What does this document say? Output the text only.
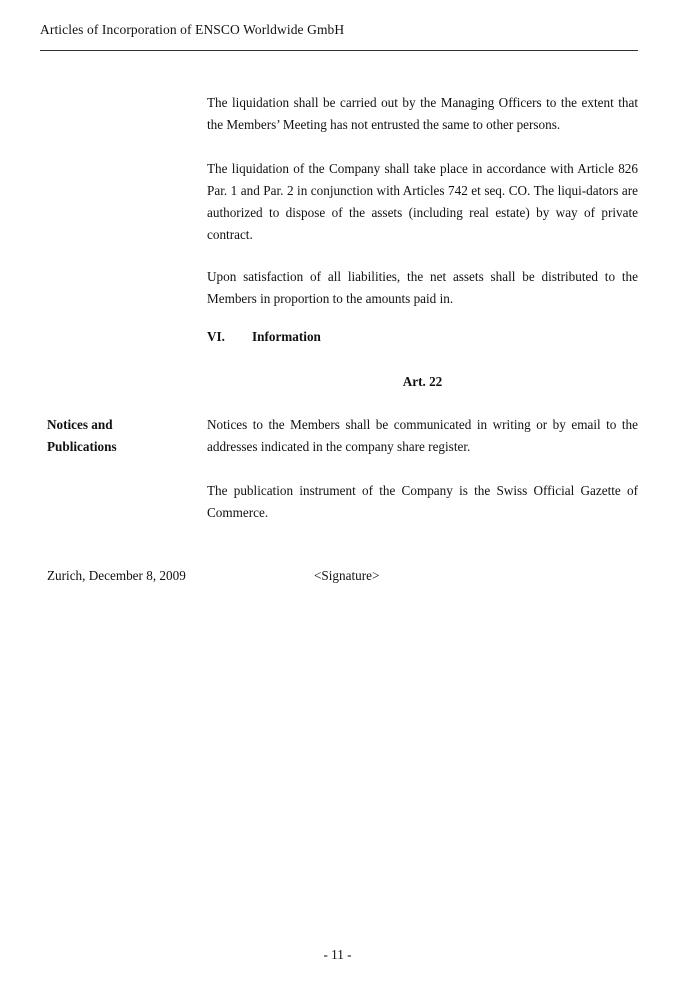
Articles of Incorporation of ENSCO Worldwide GmbH

The liquidation shall be carried out by the Managing Officers to the extent that the Members’ Meeting has not entrusted the same to other persons.

The liquidation of the Company shall take place in accordance with Article 826 Par. 1 and Par. 2 in conjunction with Articles 742 et seq. CO. The liqui-dators are authorized to dispose of the assets (including real estate) by way of private contract.

Upon satisfaction of all liabilities, the net assets shall be distributed to the Members in proportion to the amounts paid in.

VI. Information
Art. 22
Notices and
Publications

Notices to the Members shall be communicated in writing or by email to the addresses indicated in the company share register.

The publication instrument of the Company is the Swiss Official Gazette of Commerce.

Zurich, December 8, 2009	<Signature>
- 11 -
